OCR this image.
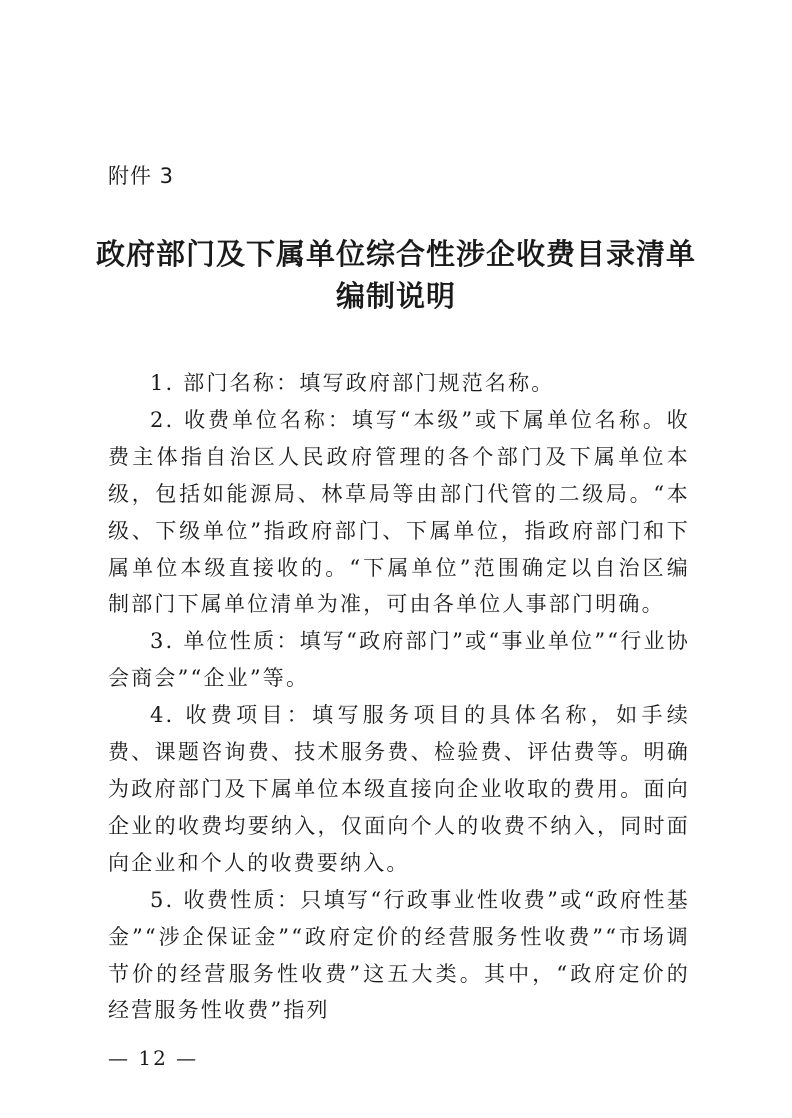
附件 3
政府部门及下属单位综合性涉企收费目录清单
编制说明

1. 部门名称：填写政府部门规范名称。

2. 收费单位名称：填写“本级”或下属单位名称。收费主体指自治区人民政府管理的各个部门及下属单位本级，包括如能源局、林草局等由部门代管的二级局。“本级、下级单位”指政府部门、下属单位，指政府部门和下属单位本级直接收的。“下属单位”范围确定以自治区编制部门下属单位清单为准，可由各单位人事部门明确。

3. 单位性质：填写“政府部门”或“事业单位”“行业协会商会”“企业”等。

4. 收费项目：填写服务项目的具体名称，如手续费、课题咨询费、技术服务费、检验费、评估费等。明确为政府部门及下属单位本级直接向企业收取的费用。面向企业的收费均要纳入，仅面向个人的收费不纳入，同时面向企业和个人的收费要纳入。

5. 收费性质：只填写“行政事业性收费”或“政府性基金”“涉企保证金”“政府定价的经营服务性收费”“市场调节价的经营服务性收费”这五大类。其中，“政府定价的经营服务性收费”指列

— 12 —
